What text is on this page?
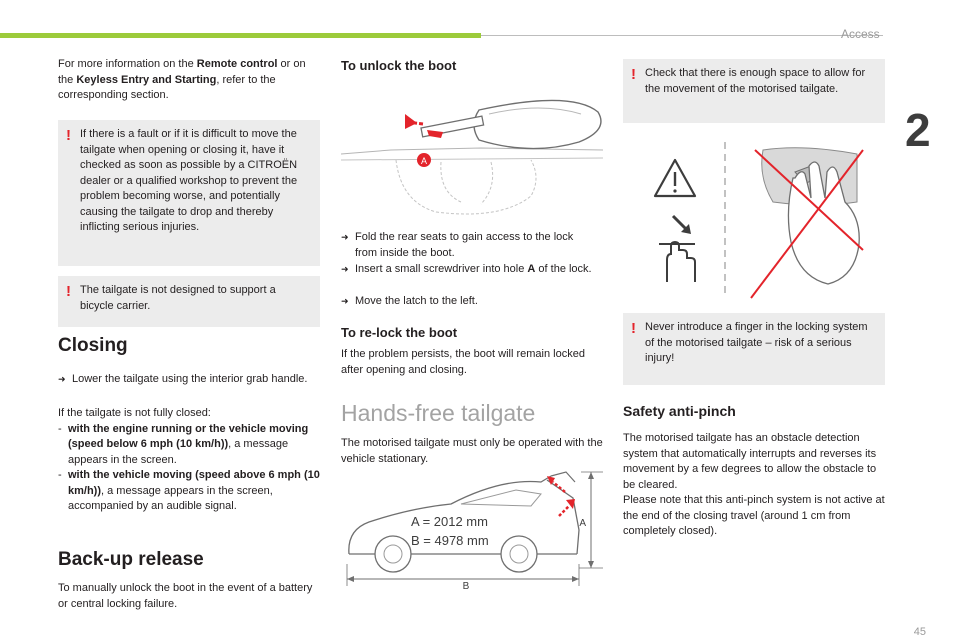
Access
2
45

For more information on the Remote control or on the Keyless Entry and Starting, refer to the corresponding section.

! If there is a fault or if it is difficult to move the tailgate when opening or closing it, have it checked as soon as possible by a CITROËN dealer or a qualified workshop to prevent the problem becoming worse, and potentially causing the tailgate to drop and thereby inflicting serious injuries.

! The tailgate is not designed to support a bicycle carrier.

Closing
➜ Lower the tailgate using the interior grab handle.

If the tailgate is not fully closed:

- with the engine running or the vehicle moving (speed below 6 mph (10 km/h)), a message appears in the screen.

- with the vehicle moving (speed above 6 mph (10 km/h)), a message appears in the screen, accompanied by an audible signal.

Back-up release

To manually unlock the boot in the event of a battery or central locking failure.

To unlock the boot
A
➜ Fold the rear seats to gain access to the lock from inside the boot.
➜ Insert a small screwdriver into hole A of the lock.
➜ Move the latch to the left.
To re-lock the boot

If the problem persists, the boot will remain locked after opening and closing.

Hands-free tailgate

The motorised tailgate must only be operated with the vehicle stationary.

A
B
A = 2012 mm
B = 4978 mm
! Check that there is enough space to allow for the movement of the motorised tailgate.

! Never introduce a finger in the locking system of the motorised tailgate – risk of a serious injury!

Safety anti-pinch

The motorised tailgate has an obstacle detection system that automatically interrupts and reverses its movement by a few degrees to allow the obstacle to be cleared.

Please note that this anti-pinch system is not active at the end of the closing travel (around 1 cm from completely closed).
